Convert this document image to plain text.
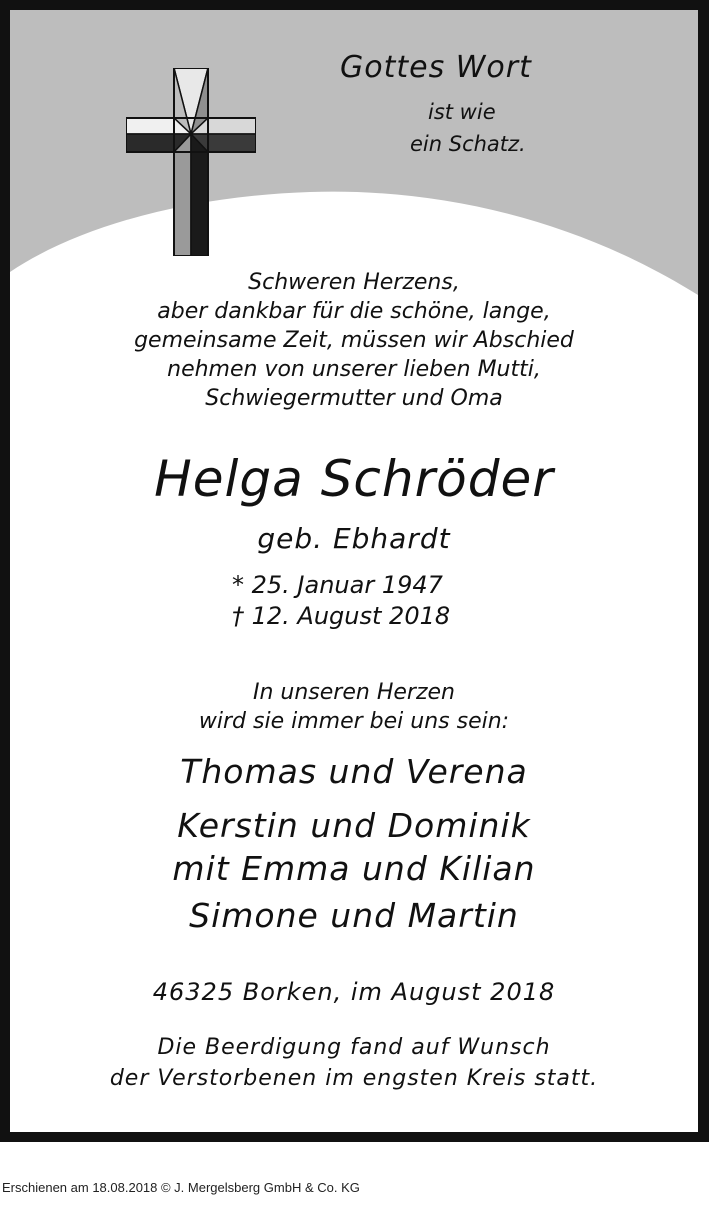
Gottes Wort
ist wie
ein Schatz.
Schweren Herzens,
aber dankbar für die schöne, lange,
gemeinsame Zeit, müssen wir Abschied
nehmen von unserer lieben Mutti,
Schwiegermutter und Oma
Helga Schröder
geb. Ebhardt
* 25. Januar 1947
† 12. August 2018
In unseren Herzen
wird sie immer bei uns sein:
Thomas und Verena
Kerstin und Dominik
mit Emma und Kilian
Simone und Martin
46325 Borken, im August 2018
Die Beerdigung fand auf Wunsch
der Verstorbenen im engsten Kreis statt.
Erschienen am 18.08.2018 © J. Mergelsberg GmbH & Co. KG
